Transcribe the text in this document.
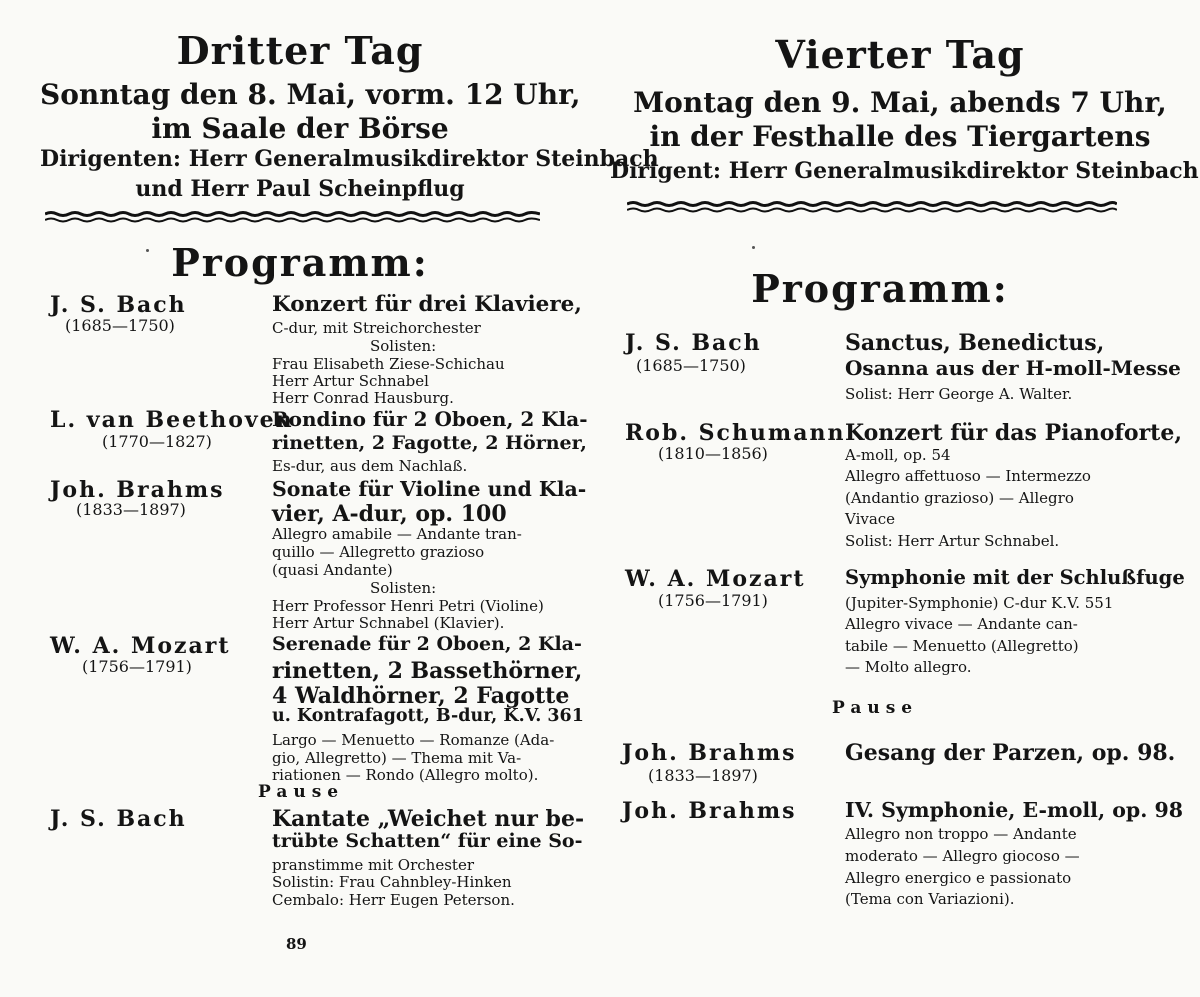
Dritter Tag
Sonntag den 8. Mai, vorm. 12 Uhr,
im Saale der Börse
Dirigenten: Herr Generalmusikdirektor Steinbach
und Herr Paul Scheinpflug
Programm:
J. S. Bach
(1685—1750)
Konzert für drei Klaviere,
C-dur, mit Streichorchester
Solisten:
Frau Elisabeth Ziese-Schichau
Herr Artur Schnabel
Herr Conrad Hausburg.
L. van Beethoven
(1770—1827)
Rondino für 2 Oboen, 2 Kla-
rinetten, 2 Fagotte, 2 Hörner,
Es-dur, aus dem Nachlaß.
Joh. Brahms
(1833—1897)
Sonate für Violine und Kla-
vier, A-dur, op. 100
Allegro amabile — Andante tran-
quillo — Allegretto grazioso
(quasi Andante)
Solisten:
Herr Professor Henri Petri (Violine)
Herr Artur Schnabel (Klavier).
W. A. Mozart
(1756—1791)
Serenade für 2 Oboen, 2 Kla-
rinetten, 2 Bassethörner,
4 Waldhörner, 2 Fagotte
u. Kontrafagott, B-dur, K.V. 361
Largo — Menuetto — Romanze (Ada-
gio, Allegretto) — Thema mit Va-
riationen — Rondo (Allegro molto).
Pause
J. S. Bach	Kantate „Weichet nur be-
trübte Schatten“ für eine So-
pranstimme mit Orchester
Solistin: Frau Cahnbley-Hinken
Cembalo: Herr Eugen Peterson.
89
Vierter Tag
Montag den 9. Mai, abends 7 Uhr,
in der Festhalle des Tiergartens
Dirigent: Herr Generalmusikdirektor Steinbach
Programm:
J. S. Bach
(1685—1750)
Sanctus, Benedictus,
Osanna aus der H-moll-Messe
Solist: Herr George A. Walter.
Rob. Schumann
(1810—1856)
Konzert für das Pianoforte,
A-moll, op. 54
Allegro affettuoso — Intermezzo
(Andantio grazioso) — Allegro
Vivace
Solist: Herr Artur Schnabel.
W. A. Mozart
(1756—1791)
Symphonie mit der Schlußfuge
(Jupiter-Symphonie) C-dur K.V. 551
Allegro vivace — Andante can-
tabile — Menuetto (Allegretto)
— Molto allegro.
Pause
Joh. Brahms
(1833—1897)
Gesang der Parzen, op. 98.
Joh. Brahms IV. Symphonie, E-moll, op. 98
Allegro non troppo — Andante
moderato — Allegro giocoso —
Allegro energico e passionato
(Tema con Variazioni).
